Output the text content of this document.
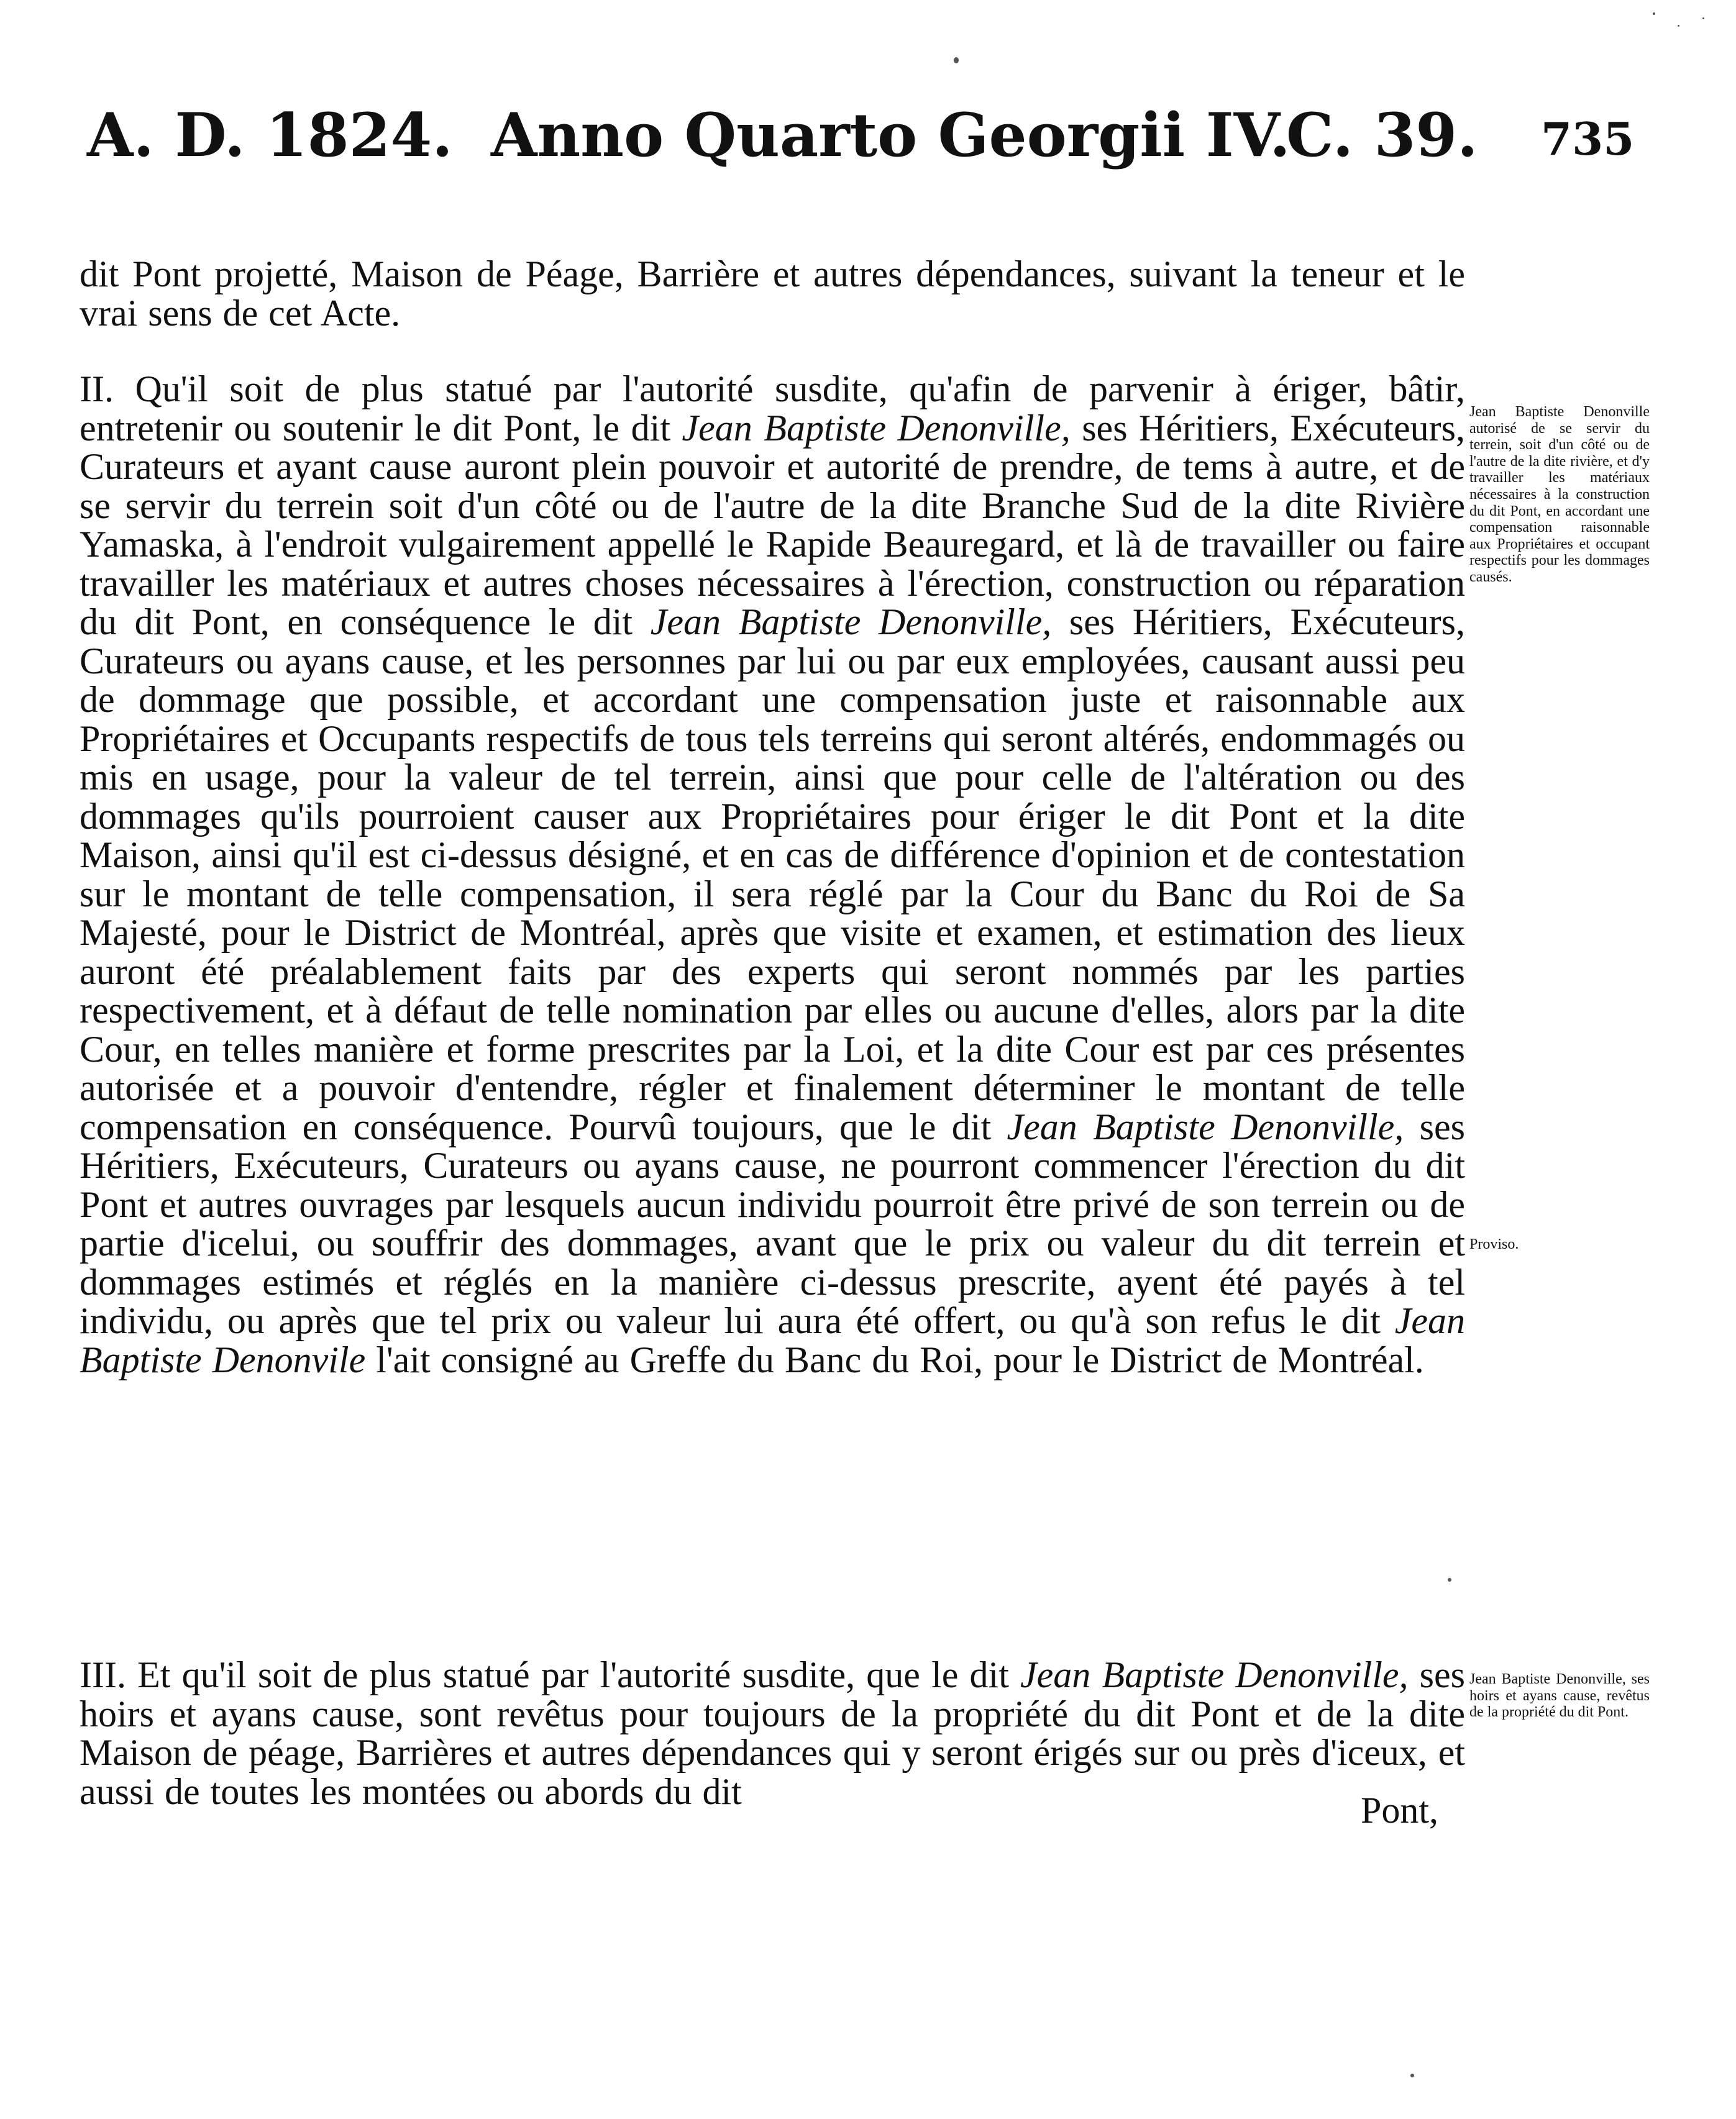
A. D. 1824. Anno Quarto Georgii IV.
C. 39. 735

dit Pont projetté, Maison de Péage, Barrière et autres dépendances, suivant la teneur et le vrai sens de cet Acte.

II. Qu'il soit de plus statué par l'autorité susdite, qu'afin de parvenir à ériger, bâtir, entretenir ou soutenir le dit Pont, le dit Jean Baptiste Denonville, ses Héritiers, Exécuteurs, Curateurs et ayant cause auront plein pouvoir et autorité de prendre, de tems à autre, et de se servir du terrein soit d'un côté ou de l'autre de la dite Branche Sud de la dite Rivière Yamaska, à l'endroit vulgairement appellé le Rapide Beauregard, et là de travailler ou faire travailler les matériaux et autres choses nécessaires à l'érection, construction ou réparation du dit Pont, en conséquence le dit Jean Baptiste Denonville, ses Héritiers, Exécuteurs, Curateurs ou ayans cause, et les personnes par lui ou par eux employées, causant aussi peu de dommage que possible, et accordant une compensation juste et raisonnable aux Propriétaires et Occupants respectifs de tous tels terreins qui seront altérés, endommagés ou mis en usage, pour la valeur de tel terrein, ainsi que pour celle de l'altération ou des dommages qu'ils pourroient causer aux Propriétaires pour ériger le dit Pont et la dite Maison, ainsi qu'il est ci-dessus désigné, et en cas de différence d'opinion et de contestation sur le montant de telle compensation, il sera réglé par la Cour du Banc du Roi de Sa Majesté, pour le District de Montréal, après que visite et examen, et estimation des lieux auront été préalablement faits par des experts qui seront nommés par les parties respectivement, et à défaut de telle nomination par elles ou aucune d'elles, alors par la dite Cour, en telles manière et forme prescrites par la Loi, et la dite Cour est par ces présentes autorisée et a pouvoir d'entendre, régler et finalement déterminer le montant de telle compensation en conséquence. Pourvû toujours, que le dit Jean Baptiste Denonville, ses Héritiers, Exécuteurs, Curateurs ou ayans cause, ne pourront commencer l'érection du dit Pont et autres ouvrages par lesquels aucun individu pourroit être privé de son terrein ou de partie d'icelui, ou souffrir des dommages, avant que le prix ou valeur du dit terrein et dommages estimés et réglés en la manière ci-dessus prescrite, ayent été payés à tel individu, ou après que tel prix ou valeur lui aura été offert, ou qu'à son refus le dit Jean Baptiste Denonvile l'ait consigné au Greffe du Banc du Roi, pour le District de Montréal.

III. Et qu'il soit de plus statué par l'autorité susdite, que le dit Jean Baptiste Denonville, ses hoirs et ayans cause, sont revêtus pour toujours de la propriété du dit Pont et de la dite Maison de péage, Barrières et autres dépendances qui y seront érigés sur ou près d'iceux, et aussi de toutes les montées ou abords du dit	Pont,
Jean Baptiste Denonville autorisé de se servir du terrein, soit d'un côté ou de l'autre de la dite rivière, et d'y travailler les matériaux nécessaires à la construction du dit Pont, en accordant une compensation raisonnable aux Propriétaires et occupant respectifs pour les dommages causés.
Proviso.
Jean Baptiste Denonville, ses hoirs et ayans cause, revêtus de la propriété du dit Pont.
